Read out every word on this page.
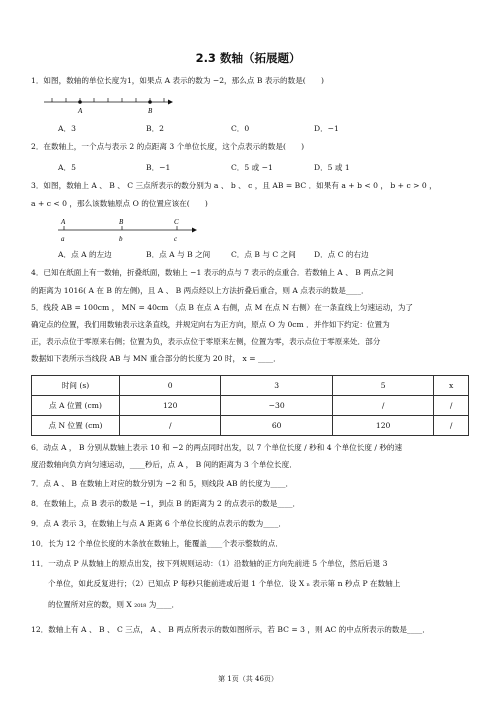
2.3 数轴（拓展题）
1．如图，数轴的单位长度为1，如果点 A 表示的数为 −2，那么点 B 表示的数是(　　)
A	B
A．3	B．2	C．0	D．−1
2．在数轴上，一个点与表示 2 的点距离 3 个单位长度，这个点表示的数是(　　)
A．5	B．−1	C．5 或 −1	D．5 或 1
3．如图，数轴上 A 、 B 、 C 三点所表示的数分别为 a 、 b 、 c ，且 AB = BC ．如果有 a + b < 0 ， b + c > 0 ，
a + c < 0 ，那么该数轴原点 O 的位置应该在(　　)
A	B	C
a	b	c
A．点 A 的左边	B．点 A 与 B 之间	C．点 B 与 C 之间 D．点 C 的右边
4．已知在纸面上有一数轴，折叠纸面，数轴上 −1 表示的点与 7 表示的点重合．若数轴上 A 、 B 两点之间
的距离为 1016( A 在 B 的左侧)，且 A 、 B 两点经以上方法折叠后重合，则 A 点表示的数是____．
5．线段 AB = 100cm ， MN = 40cm （点 B 在点 A 右侧，点 M 在点 N 右侧）在一条直线上匀速运动，为了
确定点的位置，我们用数轴表示这条直线，并规定向右为正方向，原点 O 为 0cm ．并作如下约定：位置为
正，表示点位于零原来右侧；位置为负，表示点位于零原来左侧，位置为零，表示点位于零原来处．部分
数据如下表所示当线段 AB 与 MN 重合部分的长度为 20 时， x = ____．
时间 (s)	0	3	5	x
点 A 位置 (cm)	120	−30	/	/
点 N 位置 (cm)	/	60	120	/
6．动点 A ， B 分别从数轴上表示 10 和 −2 的两点同时出发，以 7 个单位长度 / 秒和 4 个单位长度 / 秒的速
度沿数轴向负方向匀速运动，____秒后，点 A ， B 间的距离为 3 个单位长度．
7．点 A 、 B 在数轴上对应的数分别为 −2 和 5，则线段 AB 的长度为____．
8．在数轴上，点 B 表示的数是 −1，到点 B 的距离为 2 的点表示的数是____．
9．点 A 表示 3，在数轴上与点 A 距离 6 个单位长度的点表示的数为____．
10．长为 12 个单位长度的木条放在数轴上，能覆盖____个表示整数的点．
11．一动点 P 从数轴上的原点出发，按下列规则运动：（1）沿数轴的正方向先前进 5 个单位，然后后退 3
个单位，如此反复进行；（2）已知点 P 每秒只能前进或后退 1 个单位．设 X ₙ 表示第 n 秒点 P 在数轴上
的位置所对应的数，则 X ₂₀₁₈ 为____．
12．数轴上有 A 、 B 、 C 三点， A 、 B 两点所表示的数如图所示，若 BC = 3 ，则 AC 的中点所表示的数是____．
第 1页（共 46页）
